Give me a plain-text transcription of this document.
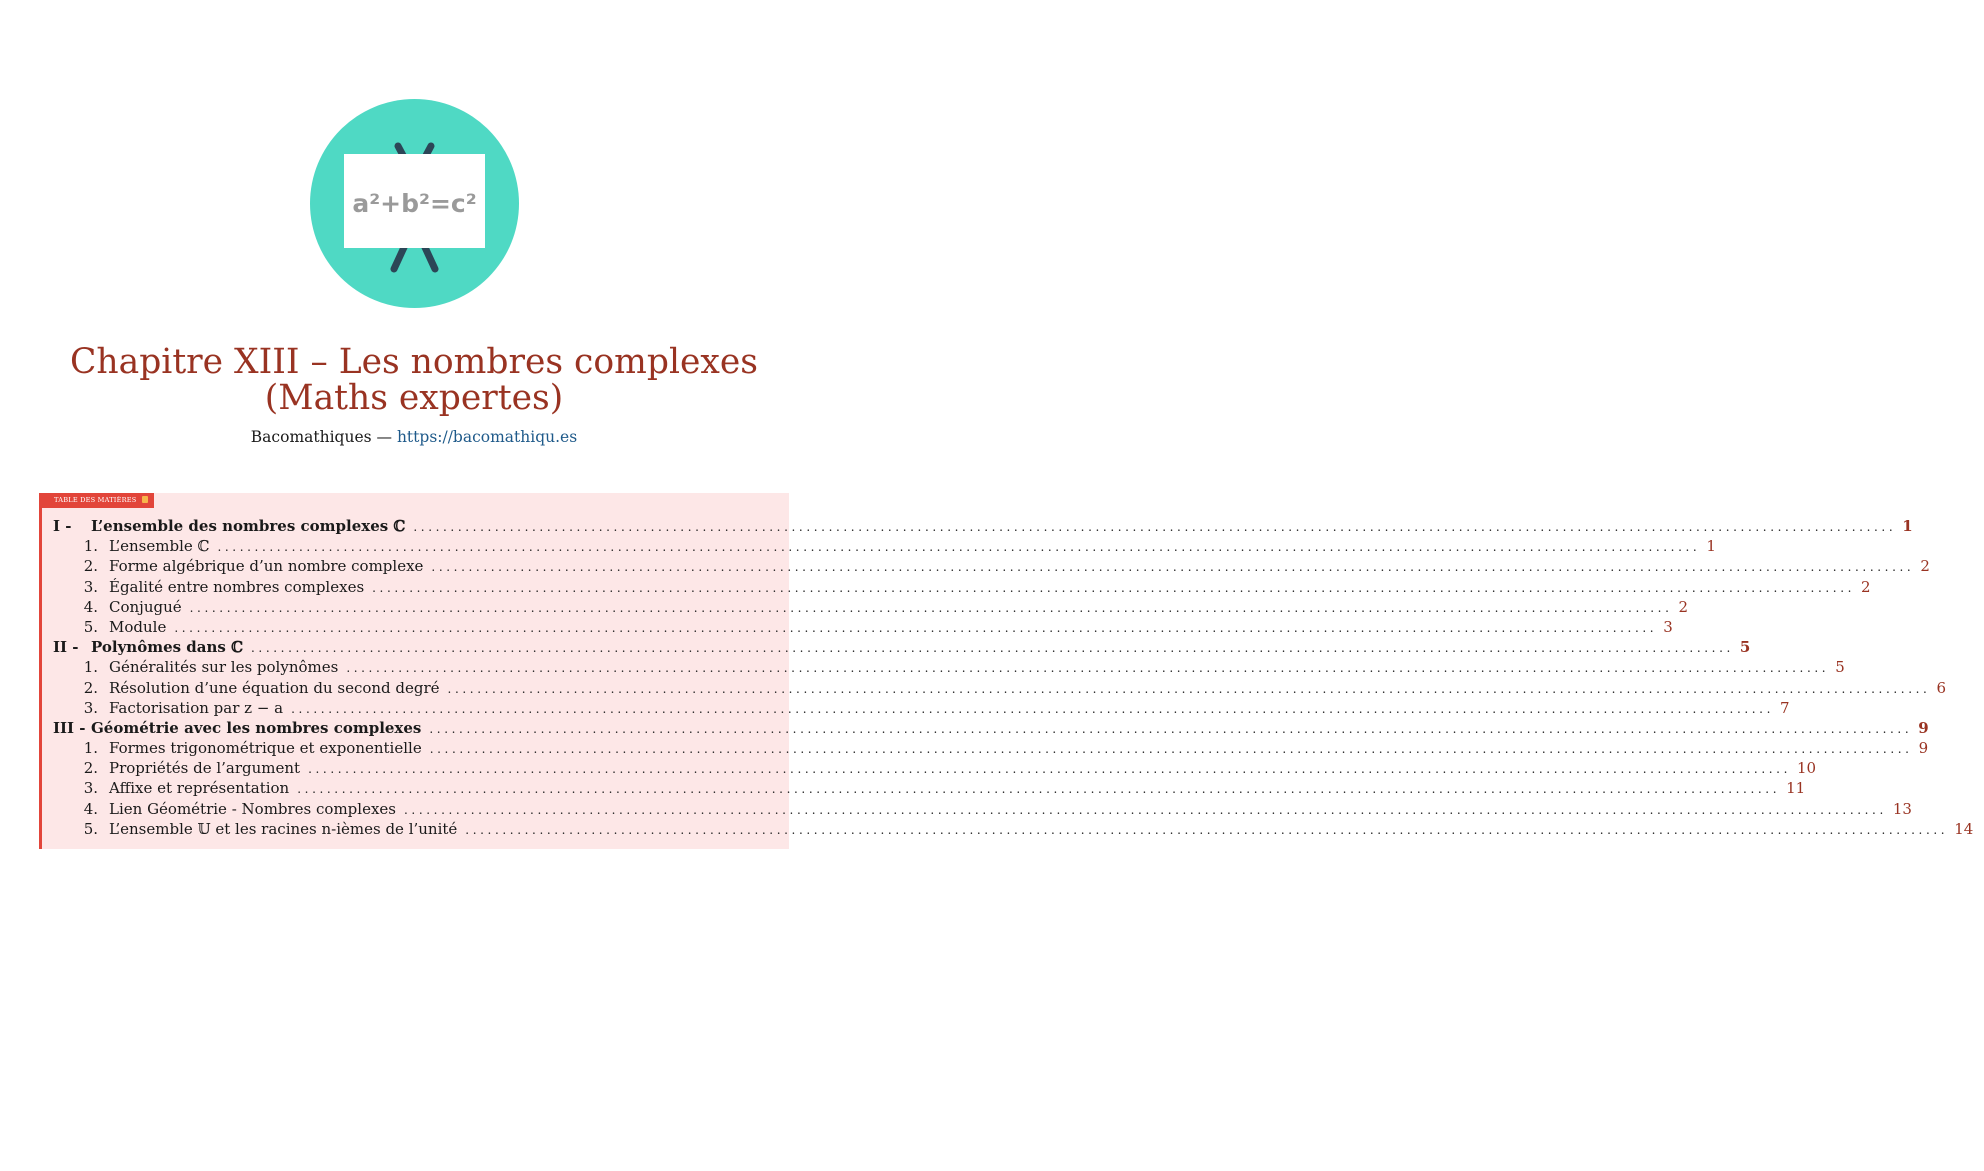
a²+b²=c²
Chapitre XIII – Les nombres complexes (Maths expertes)
Bacomathiques — https://bacomathiqu.es
TABLE DES MATIÈRES
I - L’ensemble des nombres complexes ℂ ........................................................................................................................................................................................................ 1
1. L’ensemble ℂ ........................................................................................................................................................................................................ 1
2. Forme algébrique d’un nombre complexe ........................................................................................................................................................................................................ 2
3. Égalité entre nombres complexes ........................................................................................................................................................................................................ 2
4. Conjugué ........................................................................................................................................................................................................ 2
5. Module ........................................................................................................................................................................................................ 3
II - Polynômes dans ℂ ........................................................................................................................................................................................................ 5
1. Généralités sur les polynômes ........................................................................................................................................................................................................ 5
2. Résolution d’une équation du second degré ........................................................................................................................................................................................................ 6
3. Factorisation par z − a ........................................................................................................................................................................................................ 7
III - Géométrie avec les nombres complexes ........................................................................................................................................................................................................ 9
1. Formes trigonométrique et exponentielle ........................................................................................................................................................................................................ 9
2. Propriétés de l’argument ........................................................................................................................................................................................................ 10
3. Affixe et représentation ........................................................................................................................................................................................................ 11
4. Lien Géométrie - Nombres complexes ........................................................................................................................................................................................................ 13
5. L’ensemble 𝕌 et les racines n-ièmes de l’unité ........................................................................................................................................................................................................ 14
